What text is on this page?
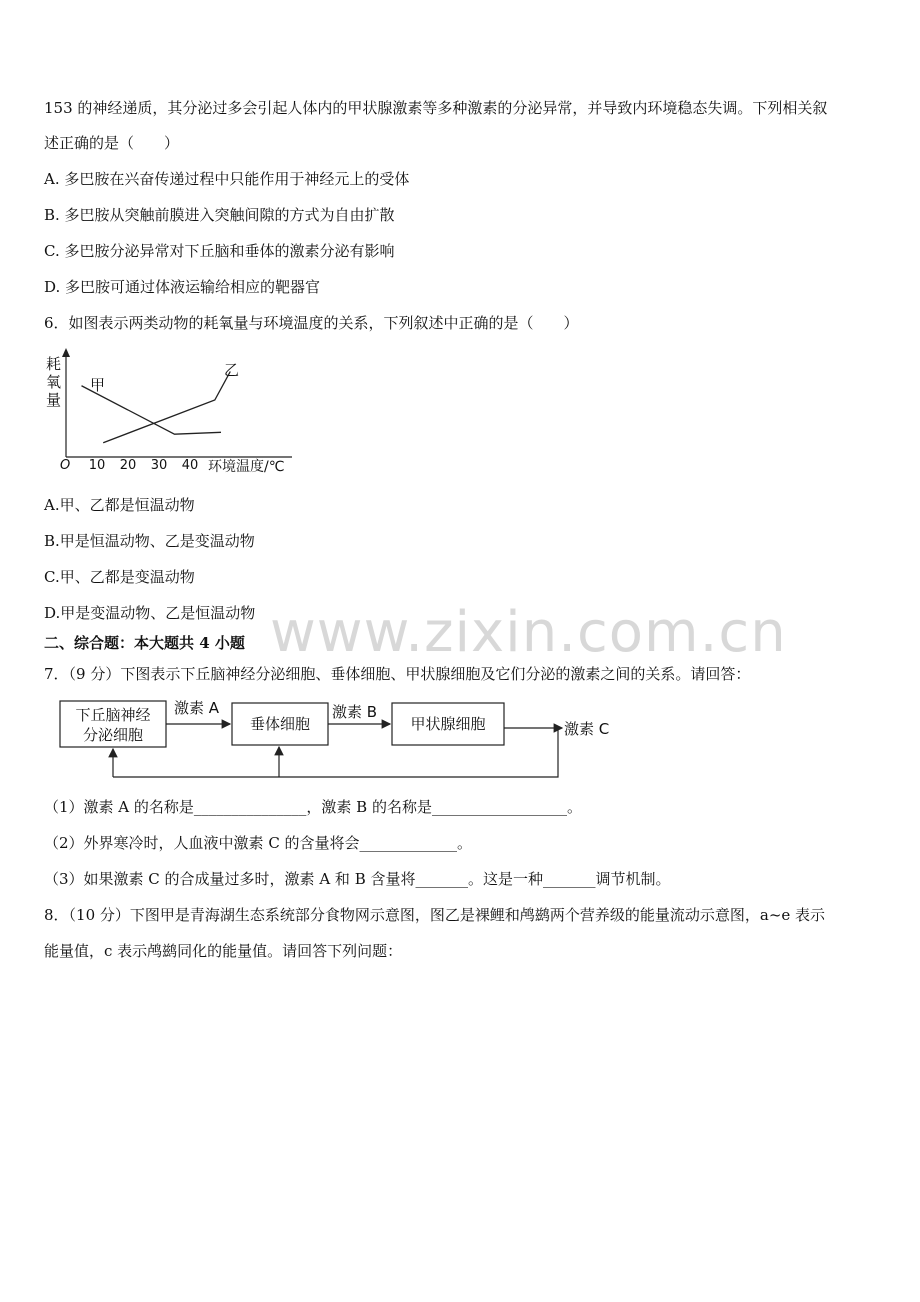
www.zixin.com.cn
153 的神经递质，其分泌过多会引起人体内的甲状腺激素等多种激素的分泌异常，并导致内环境稳态失调。下列相关叙
述正确的是（　　）
A. 多巴胺在兴奋传递过程中只能作用于神经元上的受体
B. 多巴胺从突触前膜进入突触间隙的方式为自由扩散
C. 多巴胺分泌异常对下丘脑和垂体的激素分泌有影响
D. 多巴胺可通过体液运输给相应的靶器官
6．如图表示两类动物的耗氧量与环境温度的关系，下列叙述中正确的是（　　）
耗
氧
量
O 10 20 30 40 环境温度/℃
甲
乙
A.甲、乙都是恒温动物
B.甲是恒温动物、乙是变温动物
C.甲、乙都是变温动物
D.甲是变温动物、乙是恒温动物
二、综合题：本大题共 4 小题
7．（9 分）下图表示下丘脑神经分泌细胞、垂体细胞、甲状腺细胞及它们分泌的激素之间的关系。请回答：
下丘脑神经
分泌细胞
激素 A
垂体细胞
激素 B
甲状腺细胞	激素 C
（1）激素 A 的名称是_______________，激素 B 的名称是__________________。
（2）外界寒冷时，人血液中激素 C 的含量将会_____________。
（3）如果激素 C 的合成量过多时，激素 A 和 B 含量将_______。这是一种_______调节机制。
8．（10 分）下图甲是青海湖生态系统部分食物网示意图，图乙是裸鲤和鸬鹚两个营养级的能量流动示意图，a~e 表示
能量值，c 表示鸬鹚同化的能量值。请回答下列问题：
